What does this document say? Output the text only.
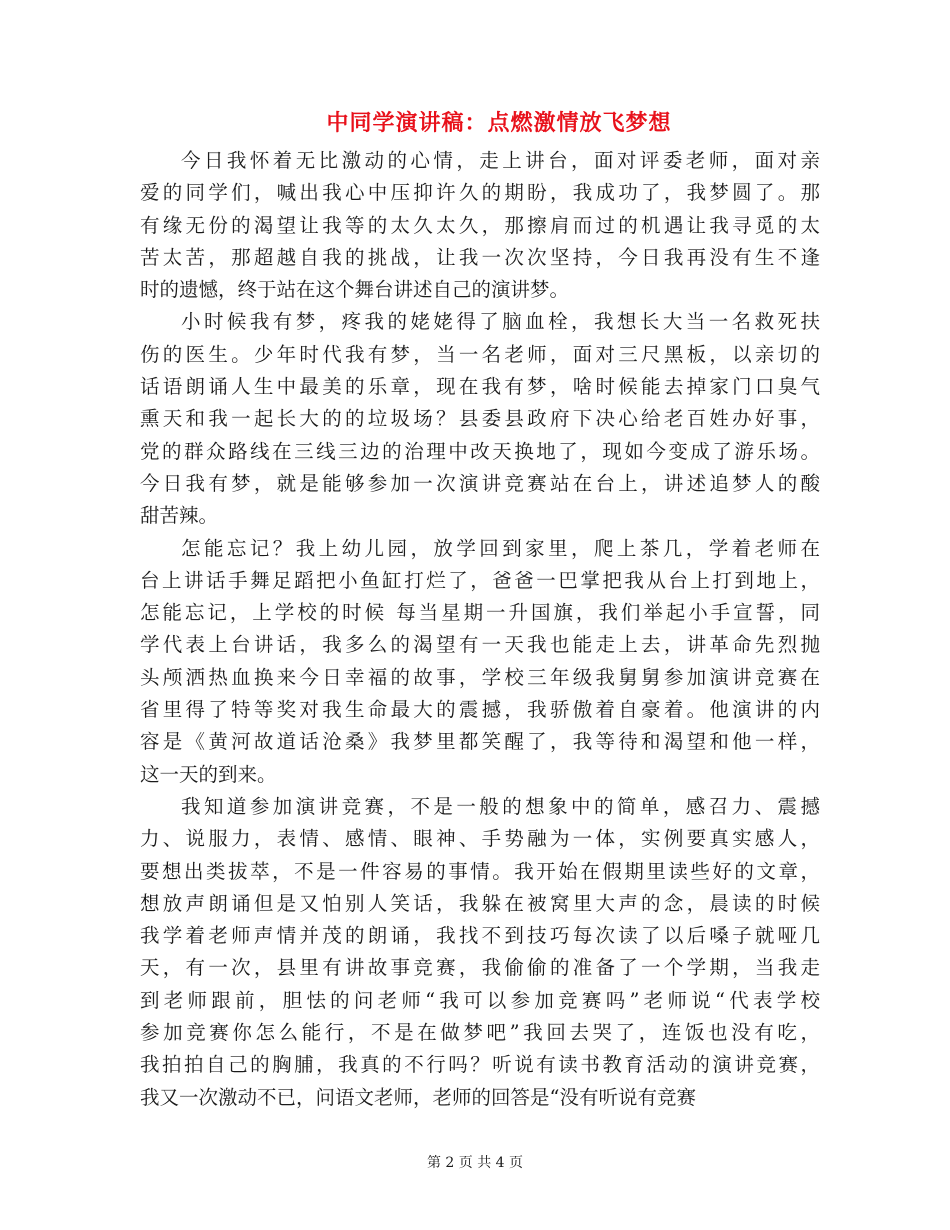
中同学演讲稿：点燃激情放飞梦想
今日我怀着无比激动的心情，走上讲台，面对评委老师，面对亲
爱的同学们，喊出我心中压抑许久的期盼，我成功了，我梦圆了。那
有缘无份的渴望让我等的太久太久，那擦肩而过的机遇让我寻觅的太
苦太苦，那超越自我的挑战，让我一次次坚持，今日我再没有生不逢
时的遗憾，终于站在这个舞台讲述自己的演讲梦。
小时候我有梦，疼我的姥姥得了脑血栓，我想长大当一名救死扶
伤的医生。少年时代我有梦，当一名老师，面对三尺黑板，以亲切的
话语朗诵人生中最美的乐章，现在我有梦，啥时候能去掉家门口臭气
熏天和我一起长大的的垃圾场？县委县政府下决心给老百姓办好事，
党的群众路线在三线三边的治理中改天换地了，现如今变成了游乐场。
今日我有梦，就是能够参加一次演讲竞赛站在台上，讲述追梦人的酸
甜苦辣。
怎能忘记？我上幼儿园，放学回到家里，爬上茶几，学着老师在
台上讲话手舞足蹈把小鱼缸打烂了，爸爸一巴掌把我从台上打到地上，
怎能忘记，上学校的时候 每当星期一升国旗，我们举起小手宣誓，同
学代表上台讲话，我多么的渴望有一天我也能走上去，讲革命先烈抛
头颅洒热血换来今日幸福的故事，学校三年级我舅舅参加演讲竞赛在
省里得了特等奖对我生命最大的震撼，我骄傲着自豪着。他演讲的内
容是《黄河故道话沧桑》我梦里都笑醒了，我等待和渴望和他一样，
这一天的到来。
我知道参加演讲竞赛，不是一般的想象中的简单，感召力、震撼
力、说服力，表情、感情、眼神、手势融为一体，实例要真实感人，
要想出类拔萃，不是一件容易的事情。我开始在假期里读些好的文章，
想放声朗诵但是又怕别人笑话，我躲在被窝里大声的念，晨读的时候
我学着老师声情并茂的朗诵，我找不到技巧每次读了以后嗓子就哑几
天，有一次，县里有讲故事竞赛，我偷偷的准备了一个学期，当我走
到老师跟前，胆怯的问老师“我可以参加竞赛吗”老师说“代表学校
参加竞赛你怎么能行，不是在做梦吧”我回去哭了，连饭也没有吃，
我拍拍自己的胸脯，我真的不行吗？听说有读书教育活动的演讲竞赛，
我又一次激动不已，问语文老师，老师的回答是“没有听说有竞赛
第 2 页 共 4 页
